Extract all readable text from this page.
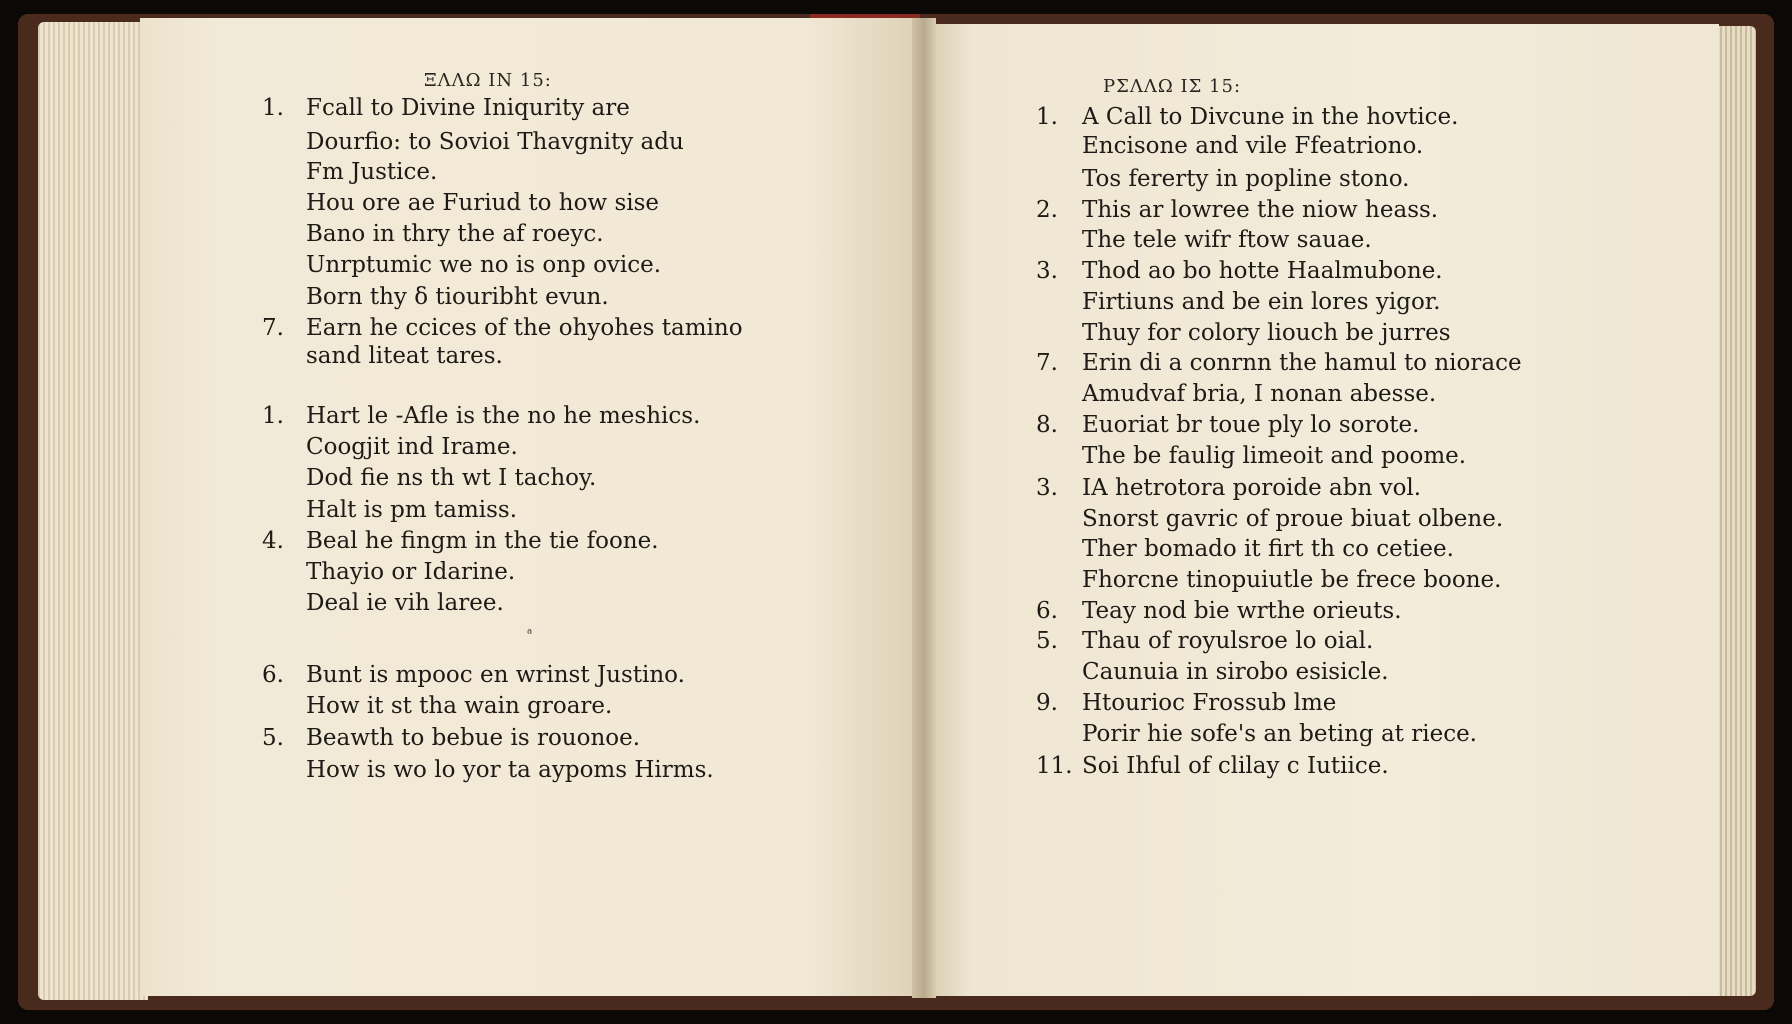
ΞΛΛΩ ΙΝ 15:	ΡΣΛΛΩ ΙΣ 15:
ᵃ
1. Fcall to Divine Iniqurity are
Dourfio: to Sovioi Thavgnity adu
Fm Justice.
Hou ore ae Furiud to how sise
Bano in thry the af roeyc.
Unrptumic we no is onp ovice.
Born thy δ tiouribht evun.
7. Earn he ccices of the ohyohes tamino
sand liteat tares.
1. Hart le -Afle is the no he meshics.
Coogjit ind Irame.
Dod fie ns th wt I tachoy.
Halt is pm tamiss.
4. Beal he fingm in the tie foone.
Thayio or Idarine.
Deal ie vih laree.
6. Bunt is mpooc en wrinst Justino.
How it st tha wain groare.
5. Beawth to bebue is rouonoe.
How is wo lo yor ta aypoms Hirms.
1. A Call to Divcune in the hovtice.
Encisone and vile Ffeatriono.
Tos fererty in popline stono.
2. This ar lowree the niow heass.
The tele wifr ftow sauae.
3. Thod ao bo hotte Haalmubone.
Firtiuns and be ein lores yigor.
Thuy for colory liouch be jurres
7. Erin di a conrnn the hamul to niorace
Amudvaf bria, I nonan abesse.
8. Euoriat br toue ply lo sorote.
The be faulig limeoit and poome.
3. IA hetrotora poroide abn vol.
Snorst gavric of proue biuat olbene.
Ther bomado it firt th co cetiee.
Fhorcne tinopuiutle be frece boone.
6. Teay nod bie wrthe orieuts.
5. Thau of royulsroe lo oial.
Caunuia in sirobo esisicle.
9. Htourioc Frossub lme
Porir hie sofe's an beting at riece.
11. Soi Ihful of clilay c Iutiice.
